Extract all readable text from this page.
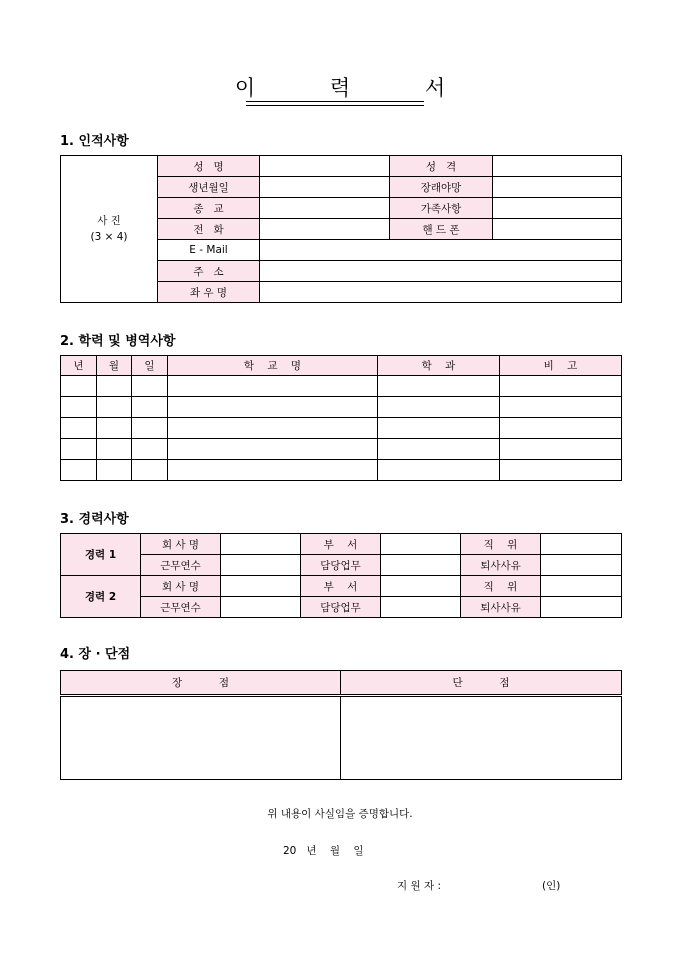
이 력 서
1. 인적사항
사 진
(3 × 4)	성   명		성   격	
	생년월일		장래야망	
	종   교		가족사항	
	전   화		핸 드 폰	
	E - Mail			
	주   소			
	좌 우 명			
2. 학력 및 병역사항
년	월	일	학    교    명	학    과	비    고

3. 경력사항
경력 1	회 사 명		부    서		직    위	
	근무연수		담당업무		퇴사사유	
경력 2	회 사 명		부    서		직    위	
	근무연수		담당업무		퇴사사유	
4. 장 · 단점
장           점	단           점

위 내용이 사실임을 증명합니다.
20   년    월    일
지 원 자 :	(인)
